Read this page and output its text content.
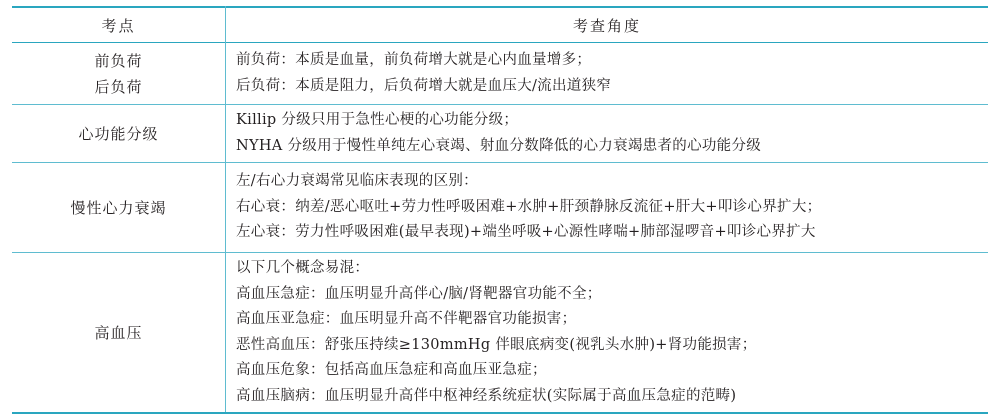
考点	考查角度
前负荷
后负荷
前负荷：本质是血量，前负荷增大就是心内血量增多；
后负荷：本质是阻力，后负荷增大就是血压大/流出道狭窄
心功能分级
Killip 分级只用于急性心梗的心功能分级；
NYHA 分级用于慢性单纯左心衰竭、射血分数降低的心力衰竭患者的心功能分级
慢性心力衰竭
左/右心力衰竭常见临床表现的区别：
右心衰：纳差/恶心呕吐+劳力性呼吸困难+水肿+肝颈静脉反流征+肝大+叩诊心界扩大；
左心衰：劳力性呼吸困难(最早表现)+端坐呼吸+心源性哮喘+肺部湿啰音+叩诊心界扩大
高血压
以下几个概念易混：
高血压急症：血压明显升高伴心/脑/肾靶器官功能不全；
高血压亚急症：血压明显升高不伴靶器官功能损害；
恶性高血压：舒张压持续≥130mmHg 伴眼底病变(视乳头水肿)+肾功能损害；
高血压危象：包括高血压急症和高血压亚急症；
高血压脑病：血压明显升高伴中枢神经系统症状(实际属于高血压急症的范畴)
